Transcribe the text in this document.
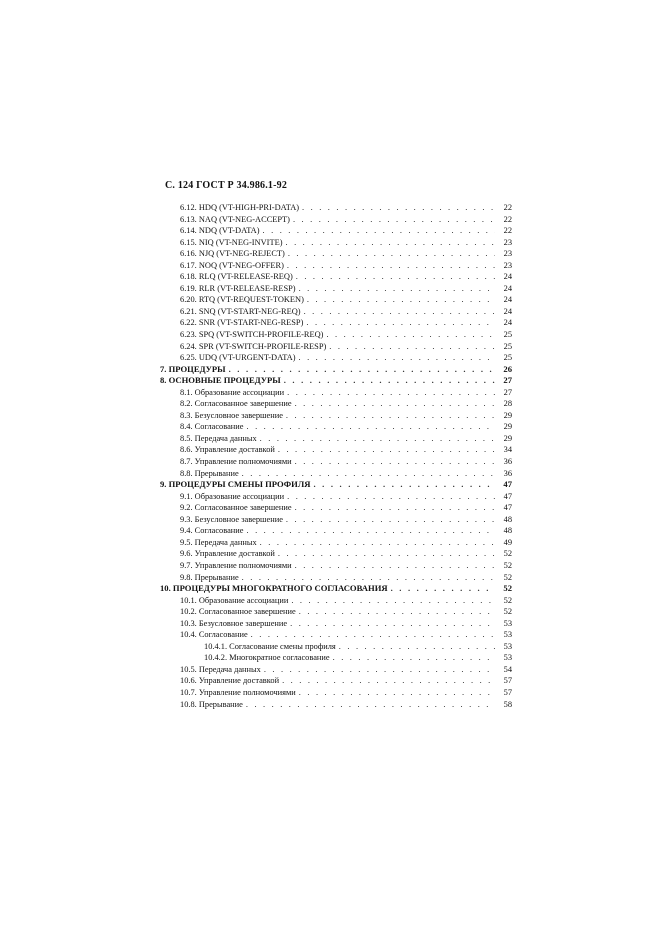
С. 124 ГОСТ Р 34.986.1-92
6.12. HDQ (VT-HIGH-PRI-DATA) . . .	22
6.13. NAQ (VT-NEG-ACCEPT) . . .	22
6.14. NDQ (VT-DATA) . . .	22
6.15. NIQ (VT-NEG-INVITE) . . .	23
6.16. NJQ (VT-NEG-REJECT) . . .	23
6.17. NOQ (VT-NEG-OFFER) . . .	23
6.18. RLQ (VT-RELEASE-REQ) . . .	24
6.19. RLR (VT-RELEASE-RESP) . . .	24
6.20. RTQ (VT-REQUEST-TOKEN) . . .	24
6.21. SNQ (VT-START-NEG-REQ) . . .	24
6.22. SNR (VT-START-NEG-RESP) . . .	24
6.23. SPQ (VT-SWITCH-PROFILE-REQ) . . .	25
6.24. SPR (VT-SWITCH-PROFILE-RESP) . . .	25
6.25. UDQ (VT-URGENT-DATA) . . .	25
7. ПРОЦЕДУРЫ . . .	26
8. ОСНОВНЫЕ ПРОЦЕДУРЫ . . .	27
8.1. Образование ассоциации . . .	27
8.2. Согласованное завершение . . .	28
8.3. Безусловное завершение . . .	29
8.4. Согласование . . .	29
8.5. Передача данных . . .	29
8.6. Управление доставкой . . .	34
8.7. Управление полномочиями . . .	36
8.8. Прерывание . . .	36
9. ПРОЦЕДУРЫ СМЕНЫ ПРОФИЛЯ . . .	47
9.1. Образование ассоциации . . .	47
9.2. Согласованное завершение . . .	47
9.3. Безусловное завершение . . .	48
9.4. Согласование . . .	48
9.5. Передача данных . . .	49
9.6. Управление доставкой . . .	52
9.7. Управление полномочиями . . .	52
9.8. Прерывание . . .	52
10. ПРОЦЕДУРЫ МНОГОКРАТНОГО СОГЛАСОВАНИЯ . . .	52
10.1. Образование ассоциации . . .	52
10.2. Согласованное завершение . . .	52
10.3. Безусловное завершение . . .	53
10.4. Согласование . . .	53
10.4.1. Согласование смены профиля . . .	53
10.4.2. Многократное согласование . . .	53
10.5. Передача данных . . .	54
10.6. Управление доставкой . . .	57
10.7. Управление полномочиями . . .	57
10.8. Прерывание . . .	58
